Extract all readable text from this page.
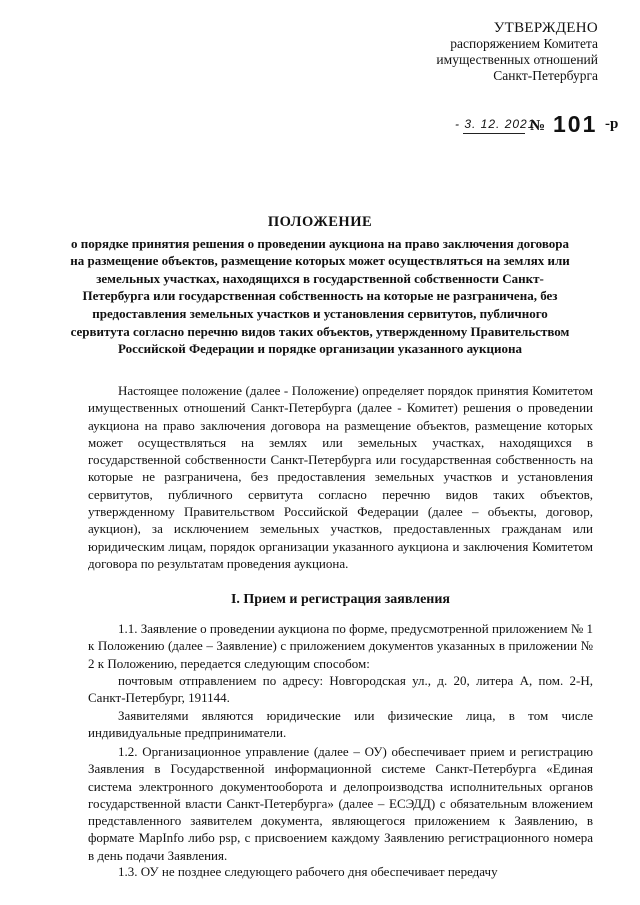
УТВЕРЖДЕНО
распоряжением Комитета
имущественных отношений
Санкт-Петербурга
- 3. 12. 2021
№ 101 -р
ПОЛОЖЕНИЕ
о порядке принятия решения о проведении аукциона на право заключения договора на размещение объектов, размещение которых может осуществляться на землях или земельных участках, находящихся в государственной собственности Санкт-Петербурга или государственная собственность на которые не разграничена, без предоставления земельных участков и установления сервитутов, публичного сервитута согласно перечню видов таких объектов, утвержденному Правительством Российской Федерации и порядке организации указанного аукциона
Настоящее положение (далее - Положение) определяет порядок принятия Комитетом имущественных отношений Санкт-Петербурга (далее - Комитет) решения о проведении аукциона на право заключения договора на размещение объектов, размещение которых может осуществляться на землях или земельных участках, находящихся в государственной собственности Санкт-Петербурга или государственная собственность на которые не разграничена, без предоставления земельных участков и установления сервитутов, публичного сервитута согласно перечню видов таких объектов, утвержденному Правительством Российской Федерации (далее – объекты, договор, аукцион), за исключением земельных участков, предоставленных гражданам или юридическим лицам, порядок организации указанного аукциона и заключения Комитетом договора по результатам проведения аукциона.
I. Прием и регистрация заявления
1.1. Заявление о проведении аукциона по форме, предусмотренной приложением № 1 к Положению (далее – Заявление) с приложением документов указанных в приложении № 2 к Положению, передается следующим способом:
почтовым отправлением по адресу: Новгородская ул., д. 20, литера А, пом. 2-Н, Санкт-Петербург, 191144.
Заявителями являются юридические или физические лица, в том числе индивидуальные предприниматели.
1.2. Организационное управление (далее – ОУ) обеспечивает прием и регистрацию Заявления в Государственной информационной системе Санкт-Петербурга «Единая система электронного документооборота и делопроизводства исполнительных органов государственной власти Санкт-Петербурга» (далее – ЕСЭДД) с обязательным вложением представленного заявителем документа, являющегося приложением к Заявлению, в формате MapInfo либо psp, с присвоением каждому Заявлению регистрационного номера в день подачи Заявления.
1.3. ОУ не позднее следующего рабочего дня обеспечивает передачу
